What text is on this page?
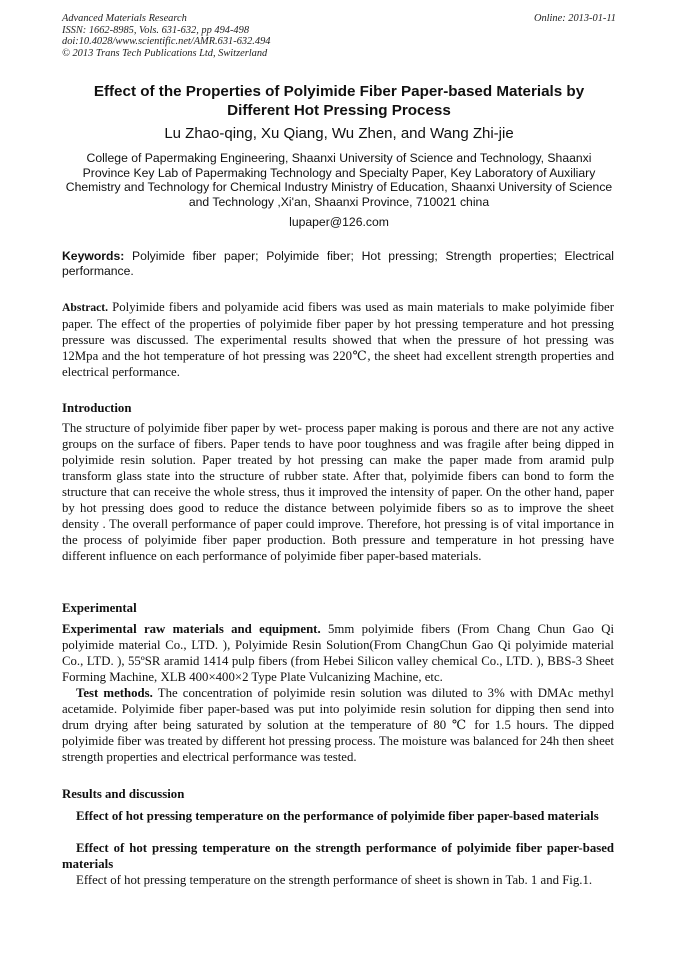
Advanced Materials Research
ISSN: 1662-8985, Vols. 631-632, pp 494-498
doi:10.4028/www.scientific.net/AMR.631-632.494
© 2013 Trans Tech Publications Ltd, Switzerland
Online: 2013-01-11
Effect of the Properties of Polyimide Fiber Paper-based Materials by Different Hot Pressing Process
Lu Zhao-qing, Xu Qiang, Wu Zhen, and Wang Zhi-jie
College of Papermaking Engineering, Shaanxi University of Science and Technology, Shaanxi Province Key Lab of Papermaking Technology and Specialty Paper, Key Laboratory of Auxiliary Chemistry and Technology for Chemical Industry Ministry of Education, Shaanxi University of Science and Technology ,Xi'an, Shaanxi Province, 710021 china
lupaper@126.com
Keywords: Polyimide fiber paper; Polyimide fiber; Hot pressing; Strength properties; Electrical performance.
Abstract. Polyimide fibers and polyamide acid fibers was used as main materials to make polyimide fiber paper. The effect of the properties of polyimide fiber paper by hot pressing temperature and hot pressing pressure was discussed. The experimental results showed that when the pressure of hot pressing was 12Mpa and the hot temperature of hot pressing was 220℃, the sheet had excellent strength properties and electrical performance.
Introduction
The structure of polyimide fiber paper by wet- process paper making is porous and there are not any active groups on the surface of fibers. Paper tends to have poor toughness and was fragile after being dipped in polyimide resin solution. Paper treated by hot pressing can make the paper made from aramid pulp transform glass state into the structure of rubber state. After that, polyimide fibers can bond to form the structure that can receive the whole stress, thus it improved the intensity of paper. On the other hand, paper by hot pressing does good to reduce the distance between polyimide fibers so as to improve the sheet density . The overall performance of paper could improve. Therefore, hot pressing is of vital importance in the process of polyimide fiber paper production. Both pressure and temperature in hot pressing have different influence on each performance of polyimide fiber paper-based materials.
Experimental
Experimental raw materials and equipment. 5mm polyimide fibers (From Chang Chun Gao Qi polyimide material Co., LTD. ), Polyimide Resin Solution(From ChangChun Gao Qi polyimide material Co., LTD. ), 55ºSR aramid 1414 pulp fibers (from Hebei Silicon valley chemical Co., LTD. ), BBS-3 Sheet Forming Machine, XLB 400×400×2 Type Plate Vulcanizing Machine, etc.
Test methods. The concentration of polyimide resin solution was diluted to 3% with DMAc methyl acetamide. Polyimide fiber paper-based was put into polyimide resin solution for dipping then send into drum drying after being saturated by solution at the temperature of 80 ℃ for 1.5 hours. The dipped polyimide fiber was treated by different hot pressing process. The moisture was balanced for 24h then sheet strength properties and electrical performance was tested.
Results and discussion
Effect of hot pressing temperature on the performance of polyimide fiber paper-based materials
Effect of hot pressing temperature on the strength performance of polyimide fiber paper-based materials
Effect of hot pressing temperature on the strength performance of sheet is shown in Tab. 1 and Fig.1.
